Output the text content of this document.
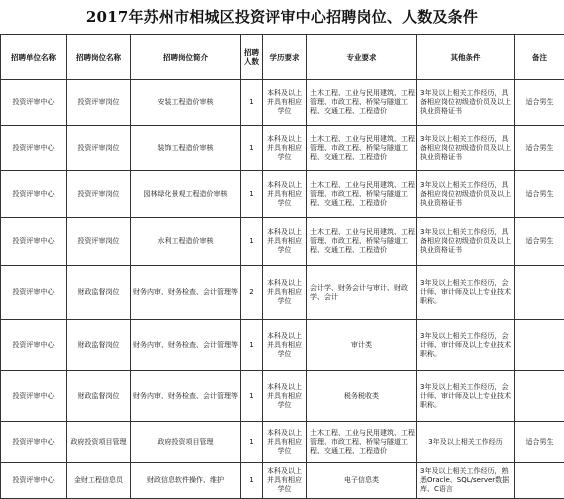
2017年苏州市相城区投资评审中心招聘岗位、人数及条件
招聘单位名称	招聘岗位名称	招聘岗位简介	招聘人数	学历要求	专业要求	其他条件	备注
投资评审中心	投资评审岗位	安装工程造价审核	1	本科及以上并具有相应学位	土木工程、工业与民用建筑、工程管理、市政工程、桥梁与隧道工程、交通工程、工程造价	3年及以上相关工作经历，具备相应岗位初级造价员及以上执业资格证书	适合男生
投资评审中心	投资评审岗位	装饰工程造价审核	1	本科及以上并具有相应学位	土木工程、工业与民用建筑、工程管理、市政工程、桥梁与隧道工程、交通工程、工程造价	3年及以上相关工作经历，具备相应岗位初级造价员及以上执业资格证书	适合男生
投资评审中心	投资评审岗位	园林绿化景观工程造价审核	1	本科及以上并具有相应学位	土木工程、工业与民用建筑、工程管理、市政工程、桥梁与隧道工程、交通工程、工程造价	3年及以上相关工作经历，具备相应岗位初级造价员及以上执业资格证书	适合男生
投资评审中心	投资评审岗位	水利工程造价审核	1	本科及以上并具有相应学位	土木工程、工业与民用建筑、工程管理、市政工程、桥梁与隧道工程、交通工程、工程造价	3年及以上相关工作经历，具备相应岗位初级造价员及以上执业资格证书	适合男生
投资评审中心	财政监督岗位	财务内审、财务检查、会计管理等	2	本科及以上并具有相应学位	会计学、财务会计与审计、财政学、会计	3年及以上相关工作经历，会计师、审计师及以上专业技术职称。	
投资评审中心	财政监督岗位	财务内审、财务检查、会计管理等	1	本科及以上并具有相应学位	审计类	3年及以上相关工作经历，会计师、审计师及以上专业技术职称。	
投资评审中心	财政监督岗位	财务内审、财务检查、会计管理等	1	本科及以上并具有相应学位	税务税收类	3年及以上相关工作经历，会计师、审计师及以上专业技术职称。	
投资评审中心	政府投资项目管理	政府投资项目管理	1	本科及以上并具有相应学位	土木工程、工业与民用建筑、工程管理、市政工程、桥梁与隧道工程、交通工程、工程造价	3年及以上相关工作经历	适合男生
投资评审中心	金财工程信息员	财政信息软件操作、维护	1	本科及以上并具有相应学位	电子信息类	3年及以上相关工作经历，熟悉Oracle、SQL/server数据库、C语言	
